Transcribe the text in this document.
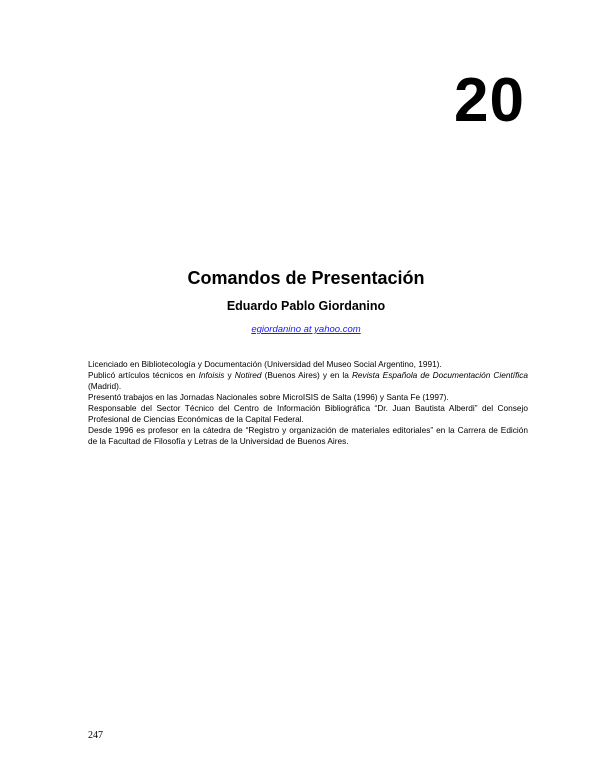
20
Comandos de Presentación
Eduardo Pablo Giordanino
egiordanino at yahoo.com

Licenciado en Bibliotecología y Documentación (Universidad del Museo Social Argentino, 1991).

Publicó artículos técnicos en Infoisis y Notired (Buenos Aires) y en la Revista Española de Documentación Científica (Madrid).

Presentó trabajos en las Jornadas Nacionales sobre MicroISIS de Salta (1996) y Santa Fe (1997).

Responsable del Sector Técnico del Centro de Información Bibliográfica “Dr. Juan Bautista Alberdi” del Consejo Profesional de Ciencias Económicas de la Capital Federal.

Desde 1996 es profesor en la cátedra de “Registro y organización de materiales editoriales” en la Carrera de Edición de la Facultad de Filosofía y Letras de la Universidad de Buenos Aires.

247
